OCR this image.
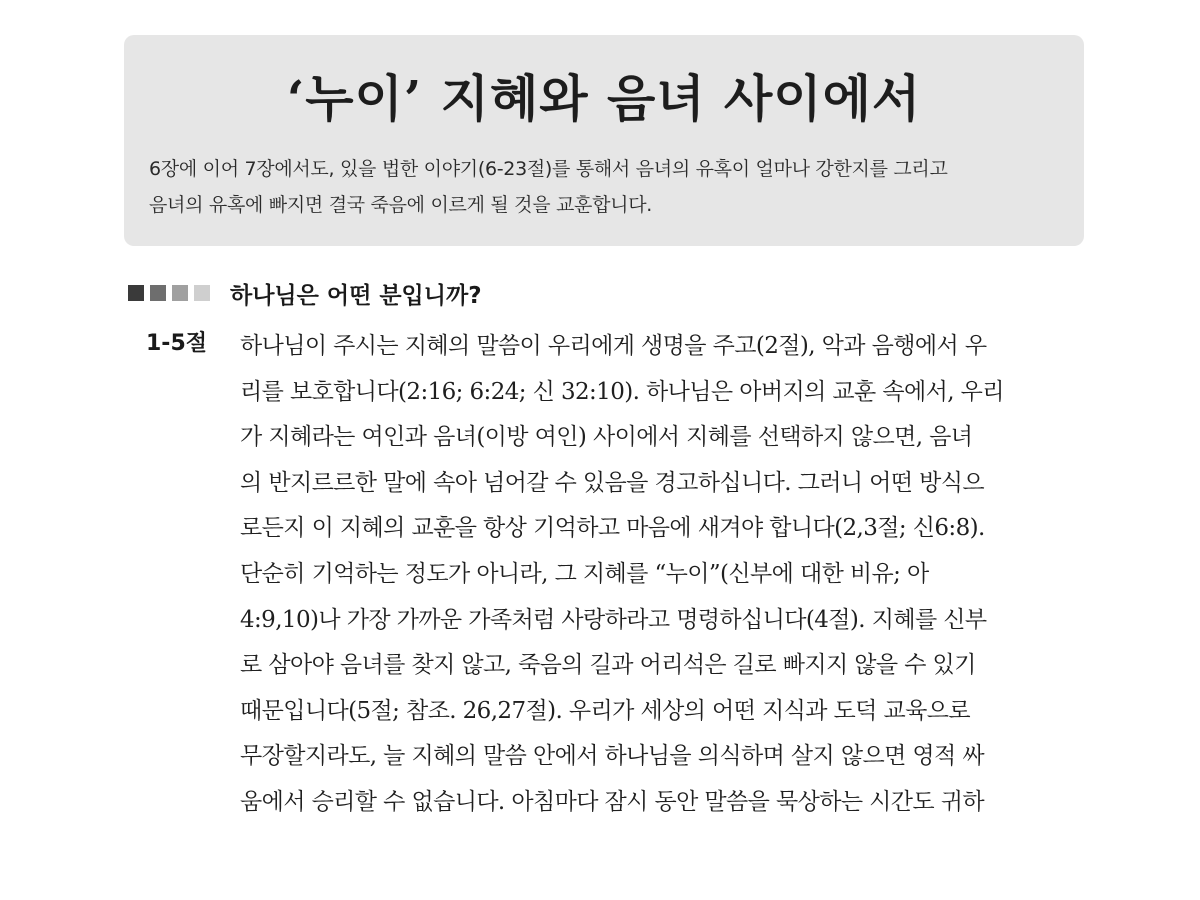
‘누이’ 지혜와 음녀 사이에서
6장에 이어 7장에서도, 있을 법한 이야기(6-23절)를 통해서 음녀의 유혹이 얼마나 강한지를 그리고
음녀의 유혹에 빠지면 결국 죽음에 이르게 될 것을 교훈합니다.
하나님은 어떤 분입니까?
1-5절 하나님이 주시는 지혜의 말씀이 우리에게 생명을 주고(2절), 악과 음행에서 우
리를 보호합니다(2:16; 6:24; 신 32:10). 하나님은 아버지의 교훈 속에서, 우리
가 지혜라는 여인과 음녀(이방 여인) 사이에서 지혜를 선택하지 않으면, 음녀
의 반지르르한 말에 속아 넘어갈 수 있음을 경고하십니다. 그러니 어떤 방식으
로든지 이 지혜의 교훈을 항상 기억하고 마음에 새겨야 합니다(2,3절; 신6:8).
단순히 기억하는 정도가 아니라, 그 지혜를 “누이”(신부에 대한 비유; 아
4:9,10)나 가장 가까운 가족처럼 사랑하라고 명령하십니다(4절). 지혜를 신부
로 삼아야 음녀를 찾지 않고, 죽음의 길과 어리석은 길로 빠지지 않을 수 있기
때문입니다(5절; 참조. 26,27절). 우리가 세상의 어떤 지식과 도덕 교육으로
무장할지라도, 늘 지혜의 말씀 안에서 하나님을 의식하며 살지 않으면 영적 싸
움에서 승리할 수 없습니다. 아침마다 잠시 동안 말씀을 묵상하는 시간도 귀하
